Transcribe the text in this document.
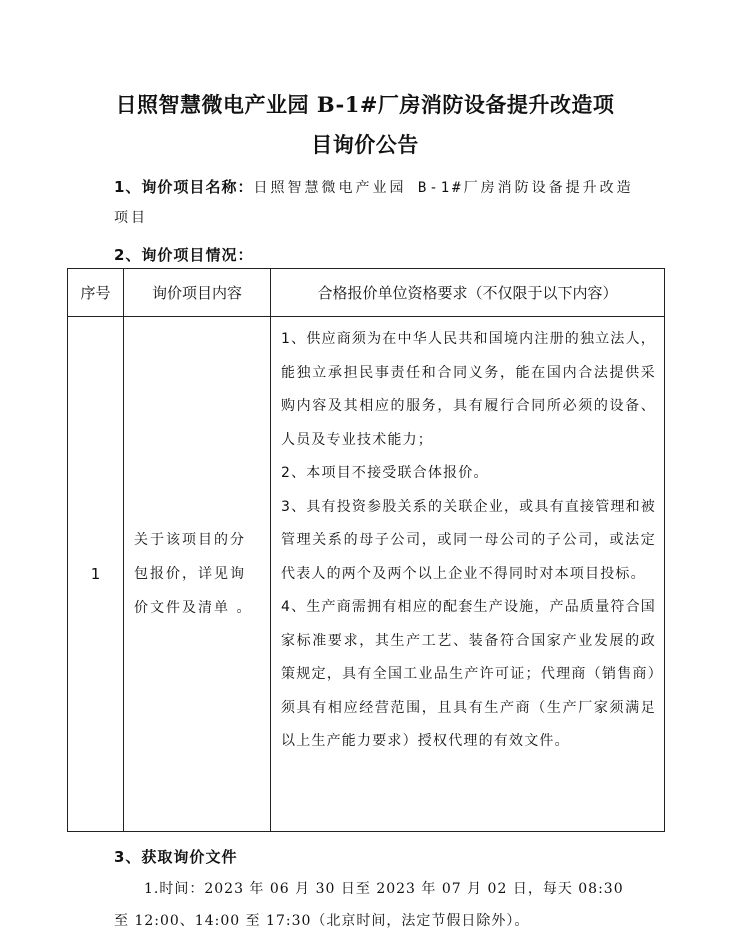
日照智慧微电产业园 B-1#厂房消防设备提升改造项
目询价公告
1、询价项目名称：日照智慧微电产业园 B-1#厂房消防设备提升改造
项目
2、询价项目情况：
序号	询价项目内容	合格报价单位资格要求（不仅限于以下内容）
1	关于该项目的分包报价，详见询价文件及清单 。	1、供应商须为在中华人民共和国境内注册的独立法人，能独立承担民事责任和合同义务，能在国内合法提供采购内容及其相应的服务，具有履行合同所必须的设备、人员及专业技术能力；

2、本项目不接受联合体报价。

3、具有投资参股关系的关联企业，或具有直接管理和被管理关系的母子公司，或同一母公司的子公司，或法定代表人的两个及两个以上企业不得同时对本项目投标。

4、生产商需拥有相应的配套生产设施，产品质量符合国家标准要求，其生产工艺、装备符合国家产业发展的政策规定，具有全国工业品生产许可证；代理商（销售商）须具有相应经营范围，且具有生产商（生产厂家须满足以上生产能力要求）授权代理的有效文件。

3、获取询价文件
1.时间：2023 年 06 月 30 日至 2023 年 07 月 02 日，每天 08:30
至 12:00、14:00 至 17:30（北京时间，法定节假日除外）。
